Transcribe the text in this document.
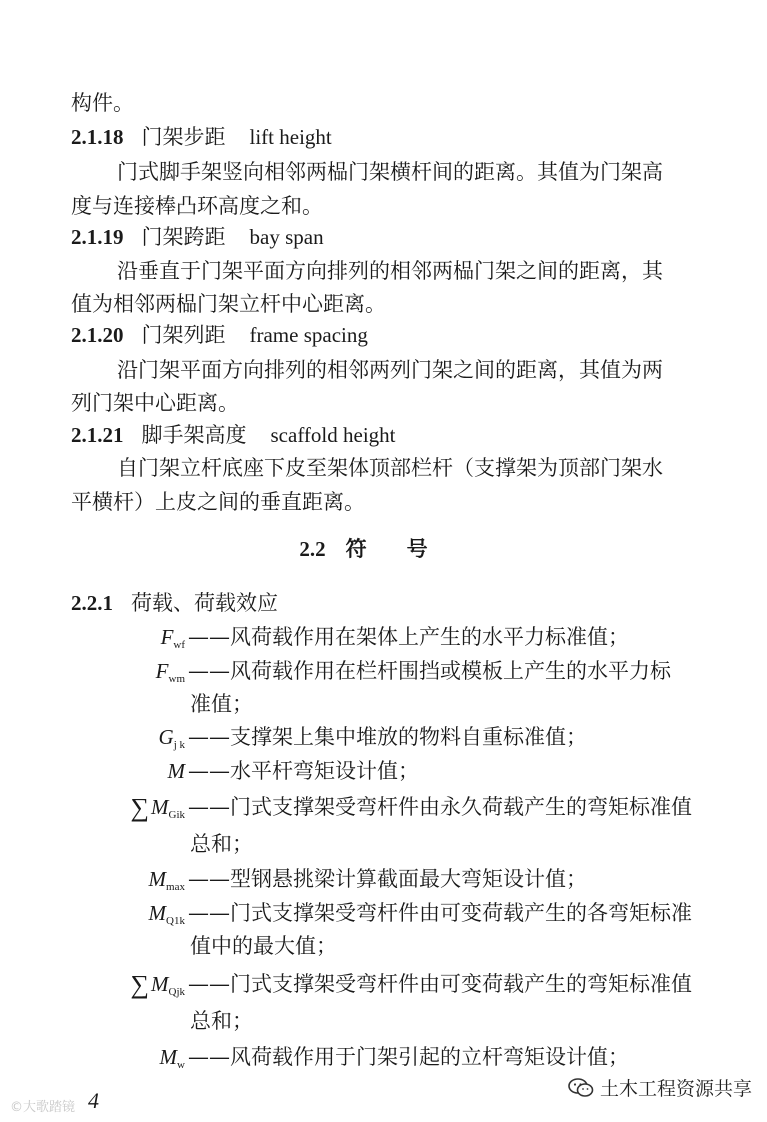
构件。
2.1.18 门架步距 lift height
门式脚手架竖向相邻两榀门架横杆间的距离。其值为门架高
度与连接棒凸环高度之和。
2.1.19 门架跨距 bay span
沿垂直于门架平面方向排列的相邻两榀门架之间的距离，其
值为相邻两榀门架立杆中心距离。
2.1.20 门架列距 frame spacing
沿门架平面方向排列的相邻两列门架之间的距离，其值为两
列门架中心距离。
2.1.21 脚手架高度 scaffold height
自门架立杆底座下皮至架体顶部栏杆（支撑架为顶部门架水
平横杆）上皮之间的垂直距离。
2.2 符号
2.2.1 荷载、荷载效应
$F_{wf}$ ——风荷载作用在架体上产生的水平力标准值；
$F_{wm}$ ——风荷载作用在栏杆围挡或模板上产生的水平力标
准值；
$G_{j k}$ ——支撑架上集中堆放的物料自重标准值；
M ——水平杆弯矩设计值；
$\sum M_{Gik}$ ——门式支撑架受弯杆件由永久荷载产生的弯矩标准值
总和；
$M_{max}$ ——型钢悬挑梁计算截面最大弯矩设计值；
$M_{Q1k}$ ——门式支撑架受弯杆件由可变荷载产生的各弯矩标准
值中的最大值；
$\sum M_{Qjk}$ ——门式支撑架受弯杆件由可变荷载产生的弯矩标准值
总和；
$M_w$ ——风荷载作用于门架引起的立杆弯矩设计值；
4
©大歌踏镜
土木工程资源共享
